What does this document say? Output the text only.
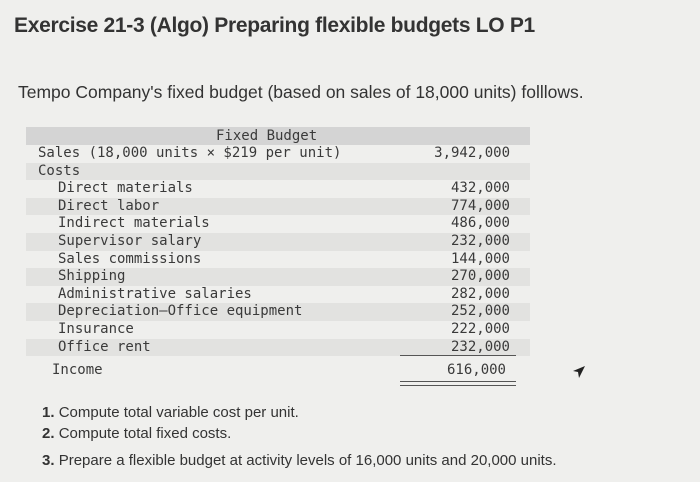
Exercise 21-3 (Algo) Preparing flexible budgets LO P1
Tempo Company's fixed budget (based on sales of 18,000 units) folllows.
Fixed Budget
Sales (18,000 units × $219 per unit)	3,942,000
Costs
Direct materials	432,000
Direct labor	774,000
Indirect materials	486,000
Supervisor salary	232,000
Sales commissions	144,000
Shipping	270,000
Administrative salaries	282,000
Depreciation—Office equipment	252,000
Insurance	222,000
Office rent	232,000
Income	616,000
1. Compute total variable cost per unit.
2. Compute total fixed costs.
3. Prepare a flexible budget at activity levels of 16,000 units and 20,000 units.
